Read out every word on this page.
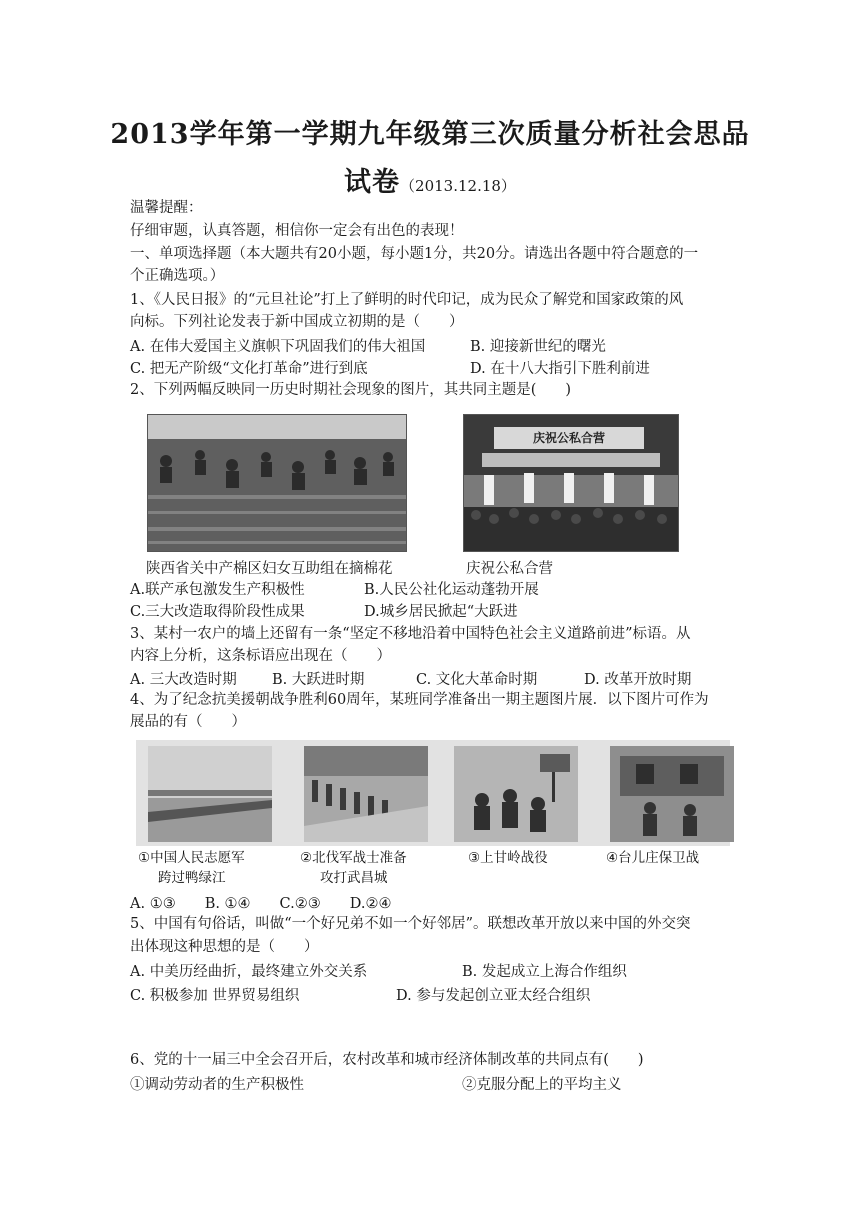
2013学年第一学期九年级第三次质量分析社会思品
试卷（2013.12.18）
温馨提醒：
仔细审题，认真答题，相信你一定会有出色的表现！
一、单项选择题（本大题共有20小题，每小题1分，共20分。请选出各题中符合题意的一
个正确选项。）
1、《人民日报》的“元旦社论”打上了鲜明的时代印记，成为民众了解党和国家政策的风
向标。下列社论发表于新中国成立初期的是（　　）
A. 在伟大爱国主义旗帜下巩固我们的伟大祖国	B. 迎接新世纪的曙光
C. 把无产阶级“文化打革命”进行到底	D. 在十八大指引下胜利前进
2、下列两幅反映同一历史时期社会现象的图片，其共同主题是(　　)
庆祝公私合营
陕西省关中产棉区妇女互助组在摘棉花	庆祝公私合营
A.联产承包激发生产积极性	B.人民公社化运动蓬勃开展
C.三大改造取得阶段性成果	D.城乡居民掀起“大跃进
3、某村一农户的墙上还留有一条“坚定不移地沿着中国特色社会主义道路前进”标语。从
内容上分析，这条标语应出现在（　　）
A. 三大改造时期 B. 大跃进时期	C. 文化大革命时期	D. 改革开放时期
4、为了纪念抗美援朝战争胜利60周年，某班同学准备出一期主题图片展．以下图片可作为
展品的有（　　）
①中国人民志愿军
跨过鸭绿江
②北伐军战士准备
攻打武昌城
③上甘岭战役	④台儿庄保卫战
A. ①③　　B. ①④　　C.②③　　D.②④
5、中国有句俗话，叫做“一个好兄弟不如一个好邻居”。联想改革开放以来中国的外交突
出体现这种思想的是（　　）
A. 中美历经曲折，最终建立外交关系	B. 发起成立上海合作组织
C. 积极参加 世界贸易组织	D. 参与发起创立亚太经合组织
6、党的十一届三中全会召开后，农村改革和城市经济体制改革的共同点有(　　)
①调动劳动者的生产积极性	②克服分配上的平均主义
